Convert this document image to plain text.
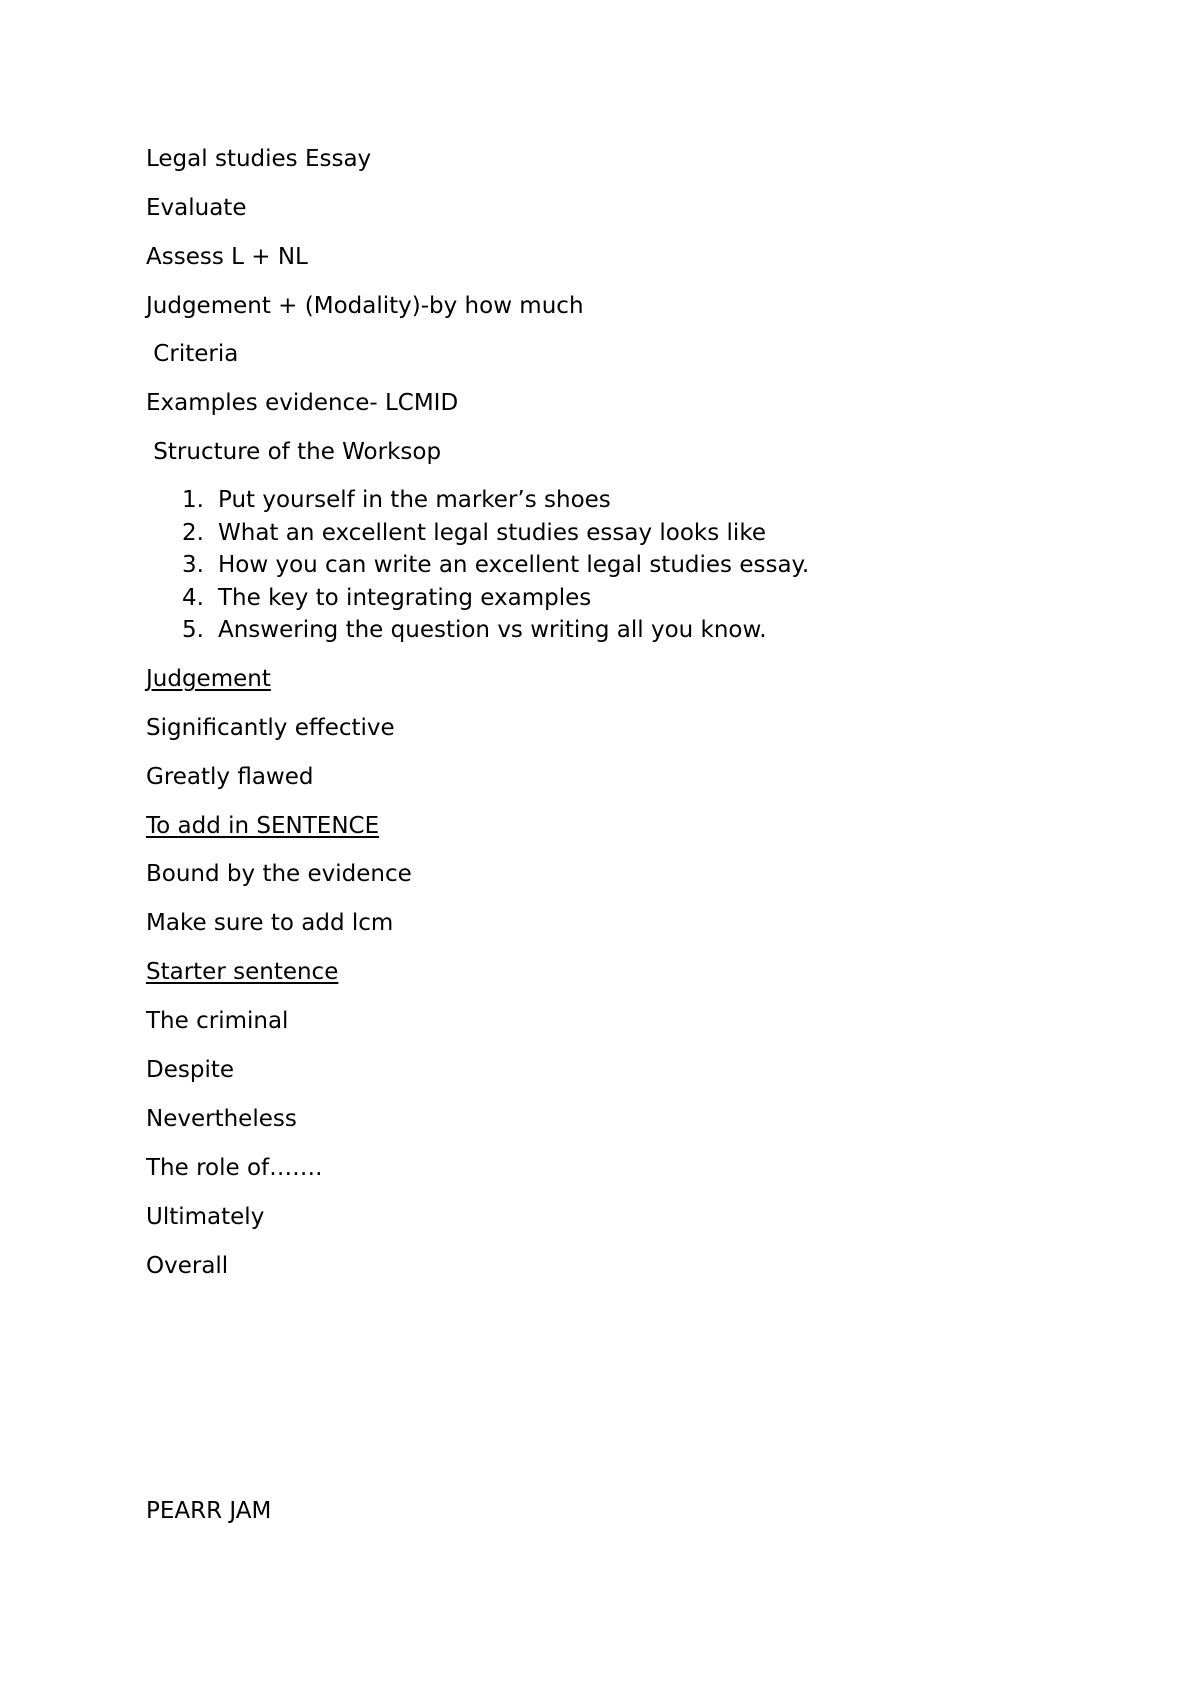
Legal studies Essay

Evaluate

Assess L + NL

Judgement + (Modality)-by how much

Criteria

Examples evidence- LCMID

Structure of the Worksop

1.

Put yourself in the marker’s shoes

2.

What an excellent legal studies essay looks like

3.

How you can write an excellent legal studies essay.

4.

The key to integrating examples

5.

Answering the question vs writing all you know.

Judgement

Significantly effective

Greatly flawed

To add in SENTENCE

Bound by the evidence

Make sure to add lcm

Starter sentence

The criminal

Despite

Nevertheless

The role of…….

Ultimately

Overall

PEARR JAM
